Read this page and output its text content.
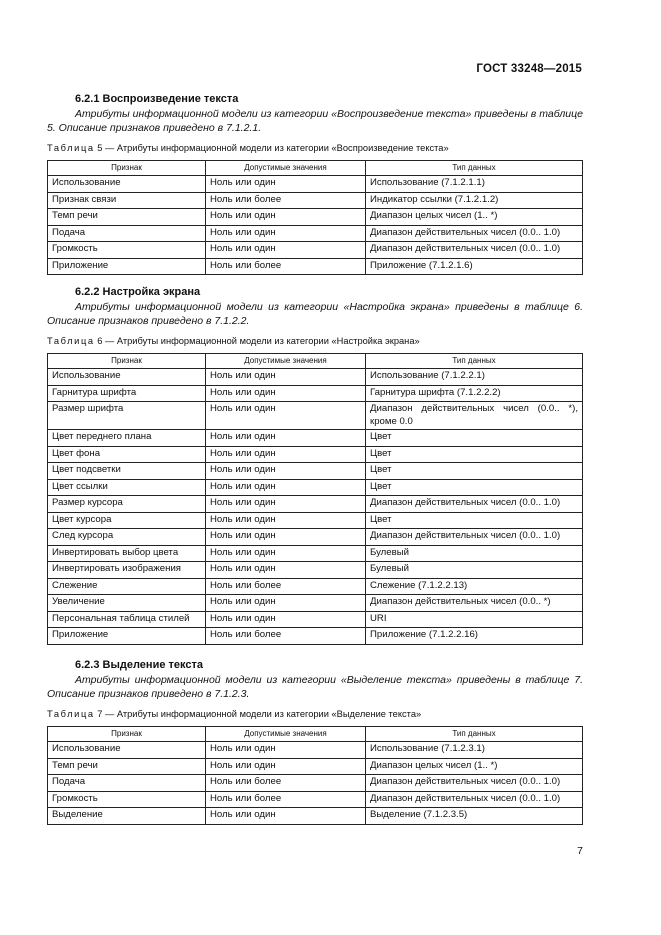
ГОСТ 33248—2015
6.2.1 Воспроизведение текста
Атрибуты информационной модели из категории «Воспроизведение текста» приведены в таблице 5. Описание признаков приведено в 7.1.2.1.
Таблица 5 — Атрибуты информационной модели из категории «Воспроизведение текста»
Признак	Допустимые значения	Тип данных
Использование	Ноль или один	Использование (7.1.2.1.1)
Признак связи	Ноль или более	Индикатор ссылки (7.1.2.1.2)
Темп речи	Ноль или один	Диапазон целых чисел (1.. *)
Подача	Ноль или один	Диапазон действительных чисел (0.0.. 1.0)
Громкость	Ноль или один	Диапазон действительных чисел (0.0.. 1.0)
Приложение	Ноль или более	Приложение (7.1.2.1.6)
6.2.2 Настройка экрана
Атрибуты информационной модели из категории «Настройка экрана» приведены в таблице 6. Описание признаков приведено в 7.1.2.2.
Таблица 6 — Атрибуты информационной модели из категории «Настройка экрана»
Признак	Допустимые значения	Тип данных
Использование	Ноль или один	Использование (7.1.2.2.1)
Гарнитура шрифта	Ноль или один	Гарнитура шрифта (7.1.2.2.2)
Размер шрифта	Ноль или один	Диапазон действительных чисел (0.0.. *), кроме 0.0
Цвет переднего плана	Ноль или один	Цвет
Цвет фона	Ноль или один	Цвет
Цвет подсветки	Ноль или один	Цвет
Цвет ссылки	Ноль или один	Цвет
Размер курсора	Ноль или один	Диапазон действительных чисел (0.0.. 1.0)
Цвет курсора	Ноль или один	Цвет
След курсора	Ноль или один	Диапазон действительных чисел (0.0.. 1.0)
Инвертировать выбор цвета	Ноль или один	Булевый
Инвертировать изображения	Ноль или один	Булевый
Слежение	Ноль или более	Слежение (7.1.2.2.13)
Увеличение	Ноль или один	Диапазон действительных чисел (0.0.. *)
Персональная таблица стилей	Ноль или один	URI
Приложение	Ноль или более	Приложение (7.1.2.2.16)
6.2.3 Выделение текста
Атрибуты информационной модели из категории «Выделение текста» приведены в таблице 7. Описание признаков приведено в 7.1.2.3.
Таблица 7 — Атрибуты информационной модели из категории «Выделение текста»
Признак	Допустимые значения	Тип данных
Использование	Ноль или один	Использование (7.1.2.3.1)
Темп речи	Ноль или один	Диапазон целых чисел (1.. *)
Подача	Ноль или более	Диапазон действительных чисел (0.0.. 1.0)
Громкость	Ноль или более	Диапазон действительных чисел (0.0.. 1.0)
Выделение	Ноль или один	Выделение (7.1.2.3.5)
7
